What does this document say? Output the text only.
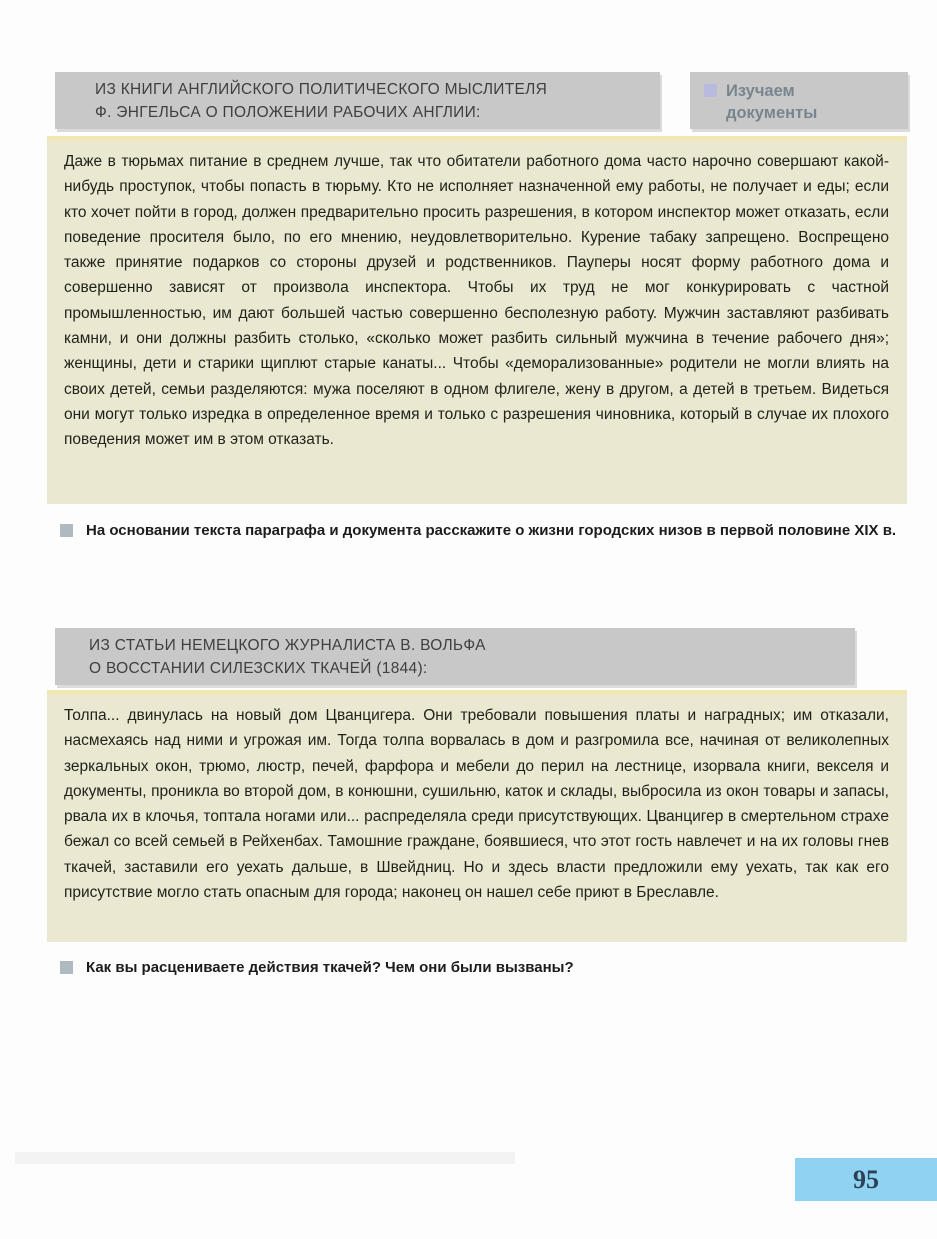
ИЗ КНИГИ АНГЛИЙСКОГО ПОЛИТИЧЕСКОГО МЫСЛИТЕЛЯ
Ф. ЭНГЕЛЬСА О ПОЛОЖЕНИИ РАБОЧИХ АНГЛИИ:
Изучаем
документы
Даже в тюрьмах питание в среднем лучше, так что обитатели работного дома часто нарочно совершают какой-нибудь проступок, чтобы попасть в тюрьму. Кто не исполняет назначенной ему работы, не получает и еды; если кто хочет пойти в город, должен предварительно просить разрешения, в котором инспектор может отказать, если поведение просителя было, по его мнению, неудовлетворительно. Курение табаку запрещено. Воспрещено также принятие подарков со стороны друзей и родственников. Пауперы носят форму работного дома и совершенно зависят от произвола инспектора. Чтобы их труд не мог конкурировать с частной промышленностью, им дают большей частью совершенно бесполезную работу. Мужчин заставляют разбивать камни, и они должны разбить столько, «сколько может разбить сильный мужчина в течение рабочего дня»; женщины, дети и старики щиплют старые канаты... Чтобы «деморализованные» родители не могли влиять на своих детей, семьи разделяются: мужа поселяют в одном флигеле, жену в другом, а детей в третьем. Видеться они могут только изредка в определенное время и только с разрешения чиновника, который в случае их плохого поведения может им в этом отказать.
На основании текста параграфа и документа расскажите о жизни городских низов в первой половине XIX в.
ИЗ СТАТЬИ НЕМЕЦКОГО ЖУРНАЛИСТА В. ВОЛЬФА
О ВОССТАНИИ СИЛЕЗСКИХ ТКАЧЕЙ (1844):
Толпа... двинулась на новый дом Цванцигера. Они требовали повышения платы и наградных; им отказали, насмехаясь над ними и угрожая им. Тогда толпа ворвалась в дом и разгромила все, начиная от великолепных зеркальных окон, трюмо, люстр, печей, фарфора и мебели до перил на лестнице, изорвала книги, векселя и документы, проникла во второй дом, в конюшни, сушильню, каток и склады, выбросила из окон товары и запасы, рвала их в клочья, топтала ногами или... распределяла среди присутствующих. Цванцигер в смертельном страхе бежал со всей семьей в Рейхенбах. Тамошние граждане, боявшиеся, что этот гость навлечет и на их головы гнев ткачей, заставили его уехать дальше, в Швейдниц. Но и здесь власти предложили ему уехать, так как его присутствие могло стать опасным для города; наконец он нашел себе приют в Бреславле.
Как вы расцениваете действия ткачей? Чем они были вызваны?
95
